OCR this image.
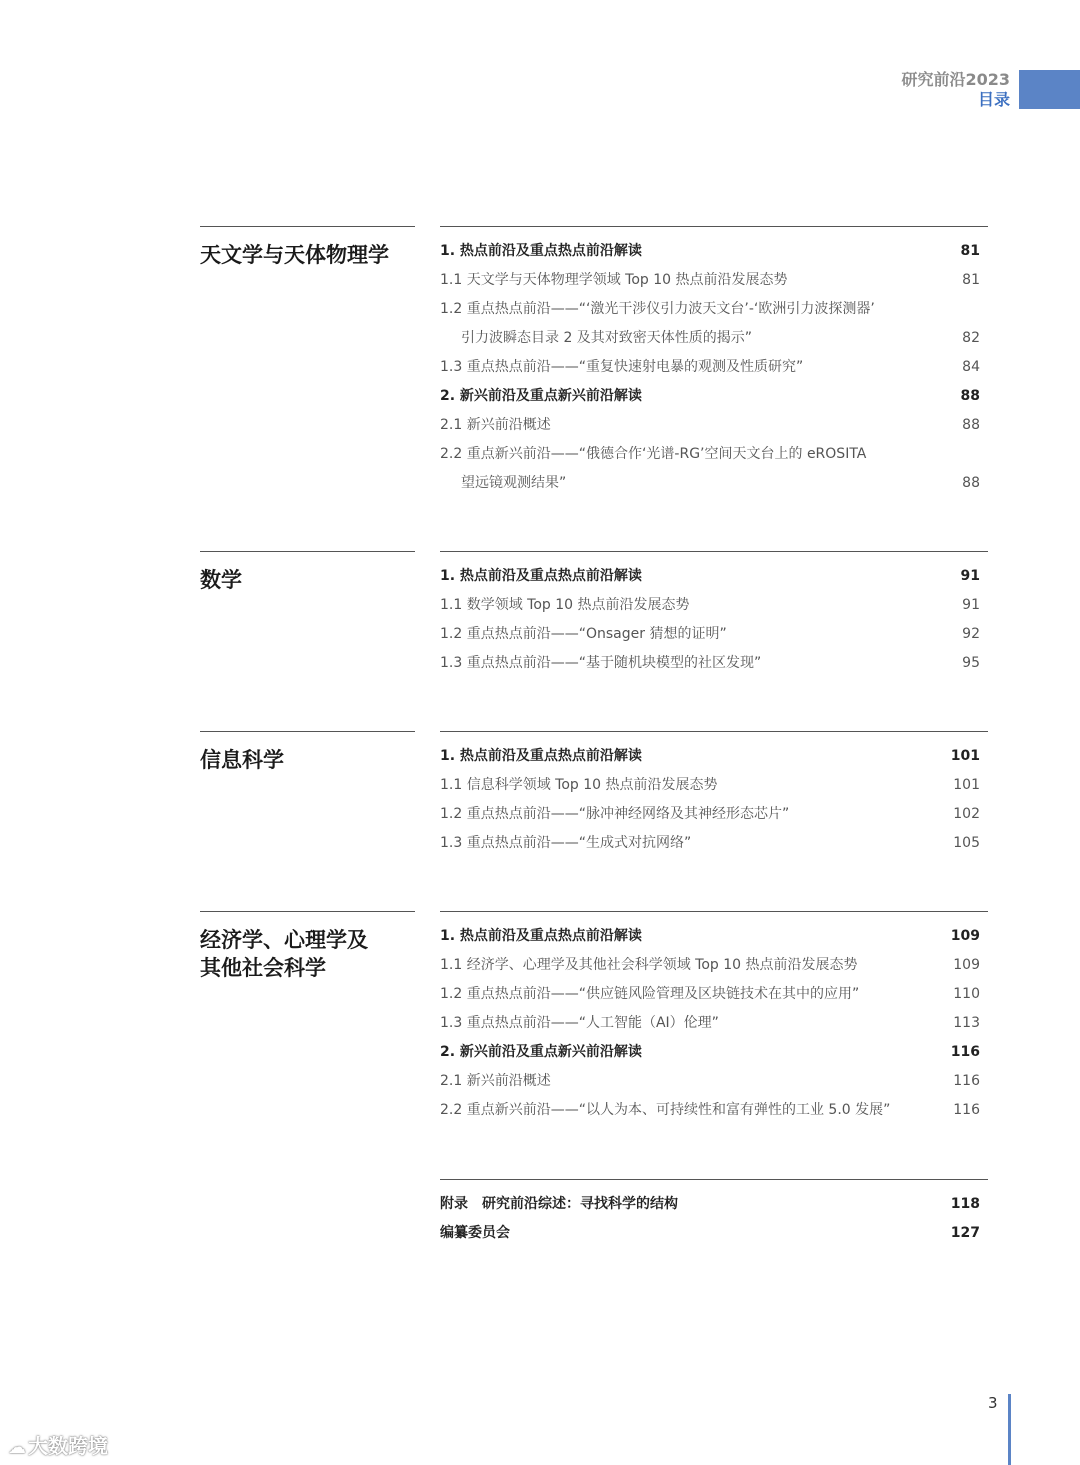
研究前沿2023
目录
天文学与天体物理学	1. 热点前沿及重点热点前沿解读	81
1.1 天文学与天体物理学领域 Top 10 热点前沿发展态势	81
1.2 重点热点前沿——“‘激光干涉仪引力波天文台’-‘欧洲引力波探测器’
引力波瞬态目录 2 及其对致密天体性质的揭示”	82
1.3 重点热点前沿——“重复快速射电暴的观测及性质研究”	84
2. 新兴前沿及重点新兴前沿解读	88
2.1 新兴前沿概述	88
2.2 重点新兴前沿——“俄德合作‘光谱-RG’空间天文台上的 eROSITA
望远镜观测结果”	88
数学	1. 热点前沿及重点热点前沿解读	91
1.1 数学领域 Top 10 热点前沿发展态势	91
1.2 重点热点前沿——“Onsager 猜想的证明”	92
1.3 重点热点前沿——“基于随机块模型的社区发现”	95
信息科学	1. 热点前沿及重点热点前沿解读	101
1.1 信息科学领域 Top 10 热点前沿发展态势	101
1.2 重点热点前沿——“脉冲神经网络及其神经形态芯片”	102
1.3 重点热点前沿——“生成式对抗网络”	105
经济学、心理学及
其他社会科学
1. 热点前沿及重点热点前沿解读	109
1.1 经济学、心理学及其他社会科学领域 Top 10 热点前沿发展态势	109
1.2 重点热点前沿——“供应链风险管理及区块链技术在其中的应用”	110
1.3 重点热点前沿——“人工智能（AI）伦理”	113
2. 新兴前沿及重点新兴前沿解读	116
2.1 新兴前沿概述	116
2.2 重点新兴前沿——“以人为本、可持续性和富有弹性的工业 5.0 发展”	116
附录　研究前沿综述：寻找科学的结构	118
编纂委员会	127
3
☁ 大数跨境
